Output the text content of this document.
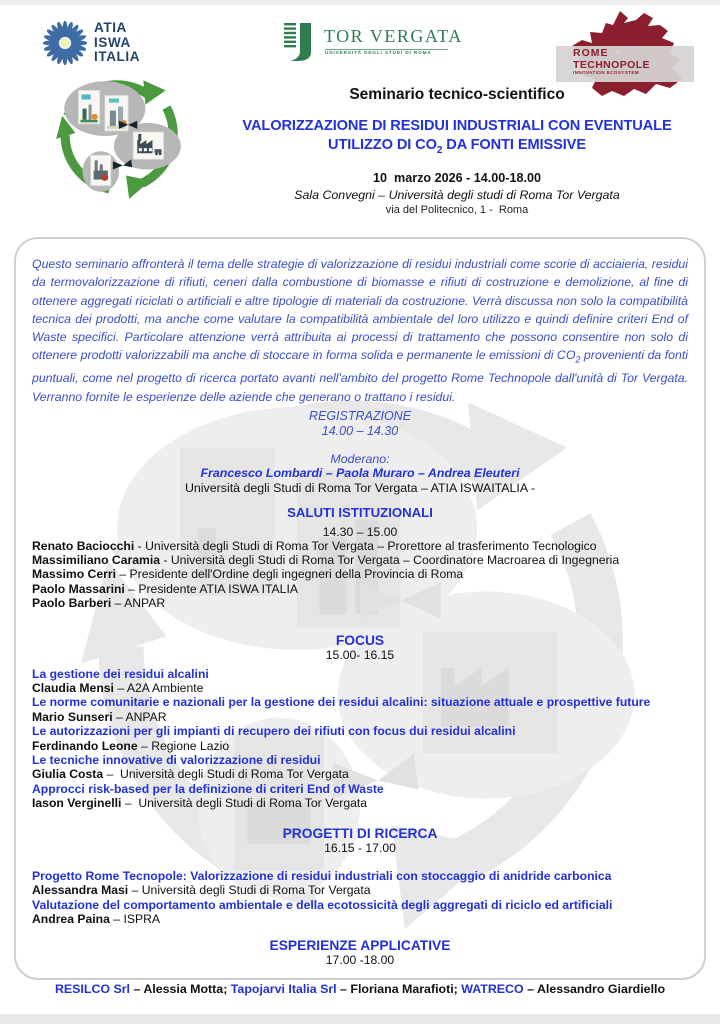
ATIA
ISWA
ITALIA
TOR VERGATA
UNIVERSITÀ DEGLI STUDI DI ROMA	ROME
TECHNOPOLE
INNOVATION ECOSYSTEM
Seminario tecnico-scientifico
VALORIZZAZIONE DI RESIDUI INDUSTRIALI CON EVENTUALE
UTILIZZO DI $CO_2$ DA FONTI EMISSIVE
10  marzo 2026 - 14.00-18.00
Sala Convegni – Università degli studi di Roma Tor Vergata
via del Politecnico, 1 -  Roma

Questo seminario affronterà il tema delle strategie di valorizzazione di residui industriali come scorie di acciaieria, residui da termovalorizzazione di rifiuti, ceneri dalla combustione di biomasse e rifiuti di costruzione e demolizione, al fine di ottenere aggregati riciclati o artificiali e altre tipologie di materiali da costruzione. Verrà discussa non solo la compatibilità tecnica dei prodotti, ma anche come valutare la compatibilità ambientale del loro utilizzo e quindi definire criteri End of Waste specifici. Particolare attenzione verrà attribuita ai processi di trattamento che possono consentire non solo di ottenere prodotti valorizzabili ma anche di stoccare in forma solida e permanente le emissioni di $CO_2$ provenienti da fonti puntuali, come nel progetto di ricerca portato avanti nell'ambito del progetto Rome Technopole dall'unità di Tor Vergata. Verranno fornite le esperienze delle aziende che generano o trattano i residui.

REGISTRAZIONE
14.00 – 14.30
Moderano:
Francesco Lombardi – Paola Muraro – Andrea Eleuteri
Università degli Studi di Roma Tor Vergata – ATIA ISWAITALIA -
SALUTI ISTITUZIONALI
14.30 – 15.00
Renato Baciocchi - Università degli Studi di Roma Tor Vergata – Prorettore al trasferimento Tecnologico
Massimiliano Caramia - Università degli Studi di Roma Tor Vergata – Coordinatore Macroarea di Ingegneria
Massimo Cerri – Presidente dell'Ordine degli ingegneri della Provincia di Roma
Paolo Massarini – Presidente ATIA ISWA ITALIA
Paolo Barberi – ANPAR
FOCUS
15.00- 16.15
La gestione dei residui alcalini
Claudia Mensi – A2A Ambiente
Le norme comunitarie e nazionali per la gestione dei residui alcalini: situazione attuale e prospettive future
Mario Sunseri – ANPAR
Le autorizzazioni per gli impianti di recupero dei rifiuti con focus dui residui alcalini
Ferdinando Leone – Regione Lazio
Le tecniche innovative di valorizzazione di residui
Giulia Costa –  Università degli Studi di Roma Tor Vergata
Approcci risk-based per la definizione di criteri End of Waste
Iason Verginelli –  Università degli Studi di Roma Tor Vergata
PROGETTI DI RICERCA
16.15 - 17.00
Progetto Rome Tecnopole: Valorizzazione di residui industriali con stoccaggio di anidride carbonica
Alessandra Masi – Università degli Studi di Roma Tor Vergata
Valutazione del comportamento ambientale e della ecotossicità degli aggregati di riciclo ed artificiali
Andrea Paina – ISPRA
ESPERIENZE APPLICATIVE
17.00 -18.00
RESILCO Srl – Alessia Motta; Tapojarvi Italia Srl – Floriana Marafioti; WATRECO – Alessandro Giardiello
